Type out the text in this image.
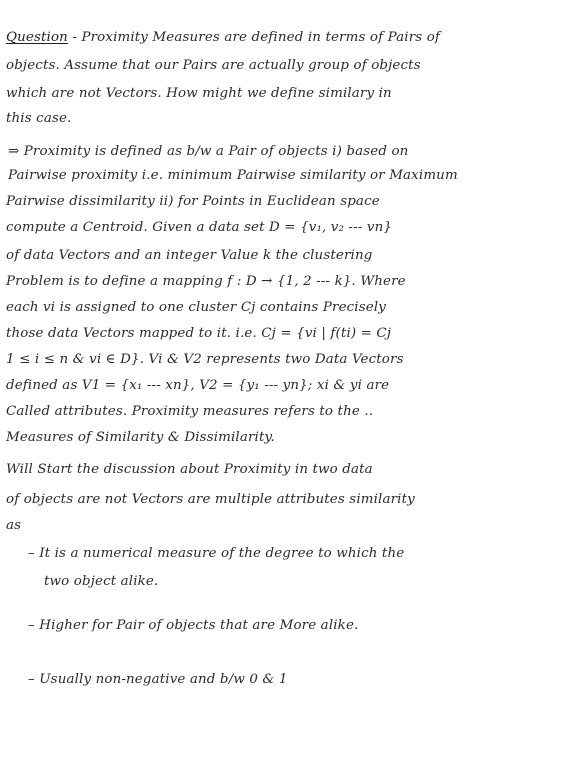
Question - Proximity Measures are defined in terms of Pairs of
objects. Assume that our Pairs are actually group of objects
which are not Vectors. How might we define similary in
this case.
⇒ Proximity is defined as b/w a Pair of objects i) based on
Pairwise proximity i.e. minimum Pairwise similarity or Maximum
Pairwise dissimilarity ii) for Points in Euclidean space
compute a Centroid. Given a data set D = {v₁, v₂ --- vn}
of data Vectors and an integer Value k the clustering
Problem is to define a mapping f : D → {1, 2 --- k}. Where
each vi is assigned to one cluster Cj contains Precisely
those data Vectors mapped to it. i.e. Cj = {vi | f(ti) = Cj
1 ≤ i ≤ n & vi ∈ D}. Vi & V2 represents two Data Vectors
defined as V1 = {x₁ --- xn}, V2 = {y₁ --- yn}; xi & yi are
Called attributes. Proximity measures refers to the ..
Measures of Similarity & Dissimilarity.
Will Start the discussion about Proximity in two data
of objects are not Vectors are multiple attributes similarity
as
– It is a numerical measure of the degree to which the
two object alike.
– Higher for Pair of objects that are More alike.
– Usually non-negative and b/w 0 & 1
